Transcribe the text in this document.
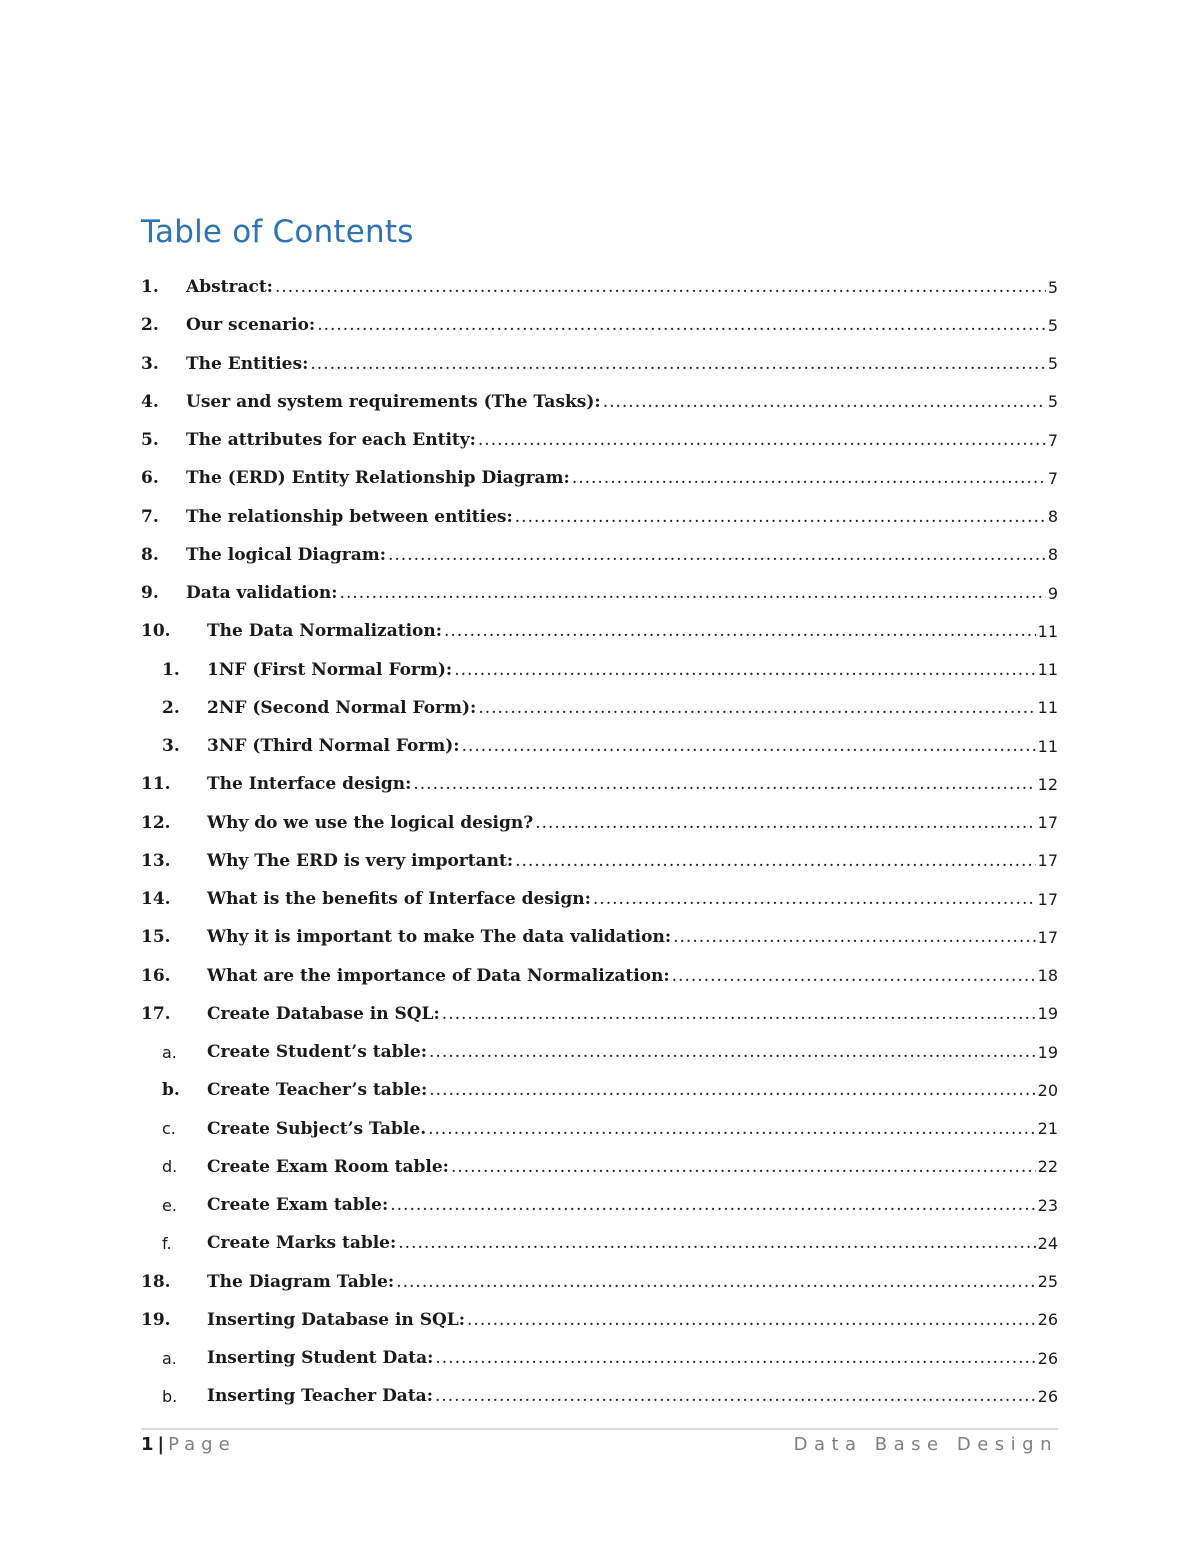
Table of Contents
1.	Abstract: .....	5
2.	Our scenario: .....	5
3.	The Entities: .....	5
4.	User and system requirements (The Tasks): .....	5
5.	The attributes for each Entity: .....	7
6.	The (ERD) Entity Relationship Diagram: .....	7
7.	The relationship between entities: .....	8
8.	The logical Diagram: .....	8
9.	Data validation: .....	9
10.	The Data Normalization: .....	11
1.	1NF (First Normal Form): .....	11
2.	2NF (Second Normal Form): .....	11
3.	3NF (Third Normal Form): .....	11
11.	The Interface design: .....	12
12.	Why do we use the logical design? .....	17
13.	Why The ERD is very important: .....	17
14.	What is the benefits of Interface design: .....	17
15.	Why it is important to make The data validation: .....	17
16.	What are the importance of Data Normalization: .....	18
17.	Create Database in SQL: .....	19
a.	Create Student’s table: .....	19
b.	Create Teacher’s table: .....	20
c.	Create Subject’s Table. .....	21
d.	Create Exam Room table: .....	22
e.	Create Exam table: .....	23
f.	Create Marks table: .....	24
18.	The Diagram Table: .....	25
19.	Inserting Database in SQL: .....	26
a.	Inserting Student Data: .....	26
b.	Inserting Teacher Data: .....	26
1 | Page	Data Base Design
